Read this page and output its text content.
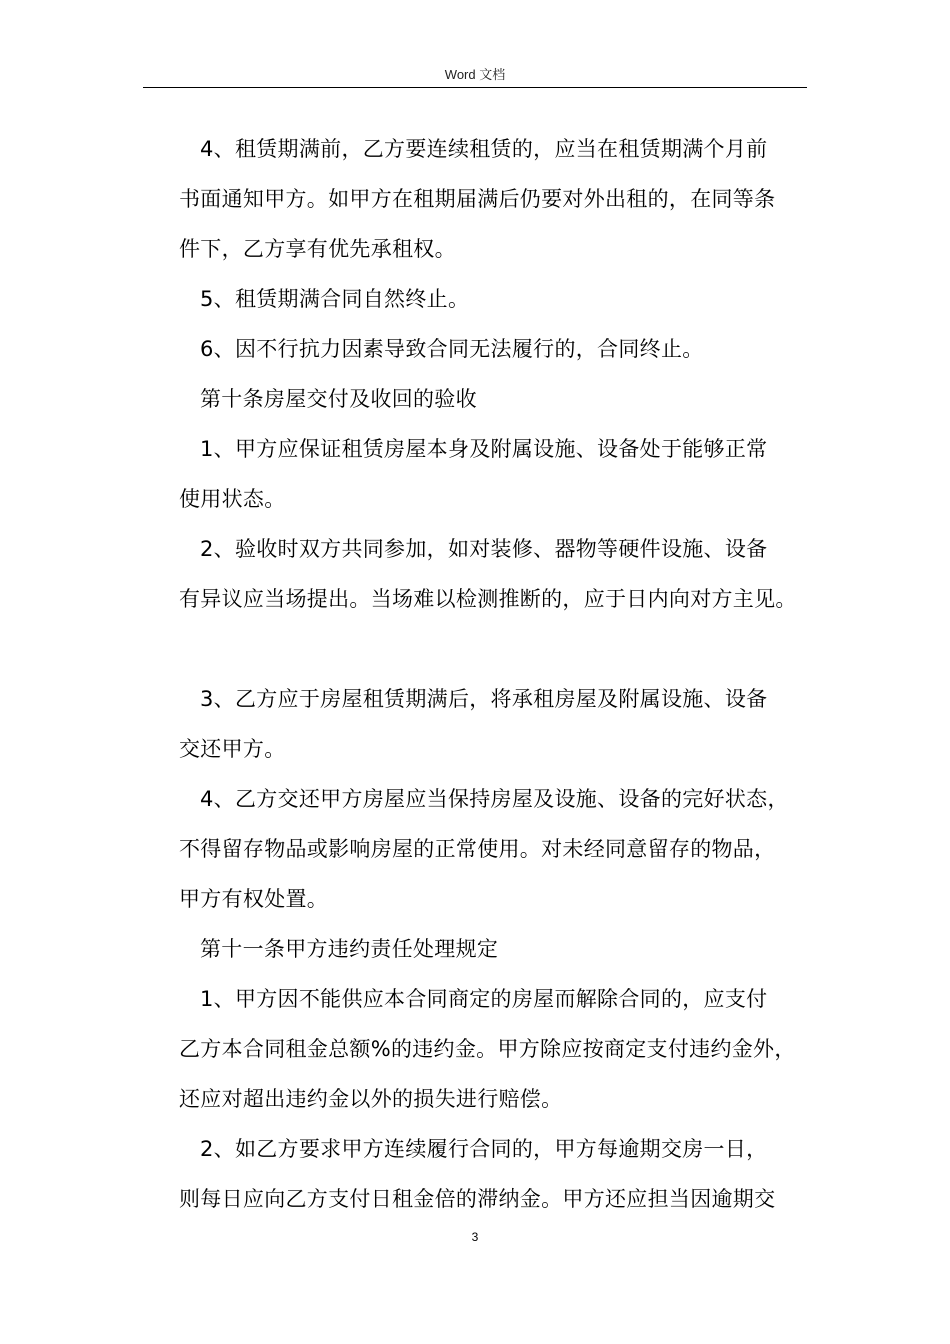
Word 文档
4、租赁期满前，乙方要连续租赁的，应当在租赁期满个月前
书面通知甲方。如甲方在租期届满后仍要对外出租的，在同等条
件下，乙方享有优先承租权。
5、租赁期满合同自然终止。
6、因不行抗力因素导致合同无法履行的，合同终止。
第十条房屋交付及收回的验收
1、甲方应保证租赁房屋本身及附属设施、设备处于能够正常
使用状态。
2、验收时双方共同参加，如对装修、器物等硬件设施、设备
有异议应当场提出。当场难以检测推断的，应于日内向对方主见。
3、乙方应于房屋租赁期满后，将承租房屋及附属设施、设备
交还甲方。
4、乙方交还甲方房屋应当保持房屋及设施、设备的完好状态，
不得留存物品或影响房屋的正常使用。对未经同意留存的物品，
甲方有权处置。
第十一条甲方违约责任处理规定
1、甲方因不能供应本合同商定的房屋而解除合同的，应支付
乙方本合同租金总额%的违约金。甲方除应按商定支付违约金外，
还应对超出违约金以外的损失进行赔偿。
2、如乙方要求甲方连续履行合同的，甲方每逾期交房一日，
则每日应向乙方支付日租金倍的滞纳金。甲方还应担当因逾期交
3
